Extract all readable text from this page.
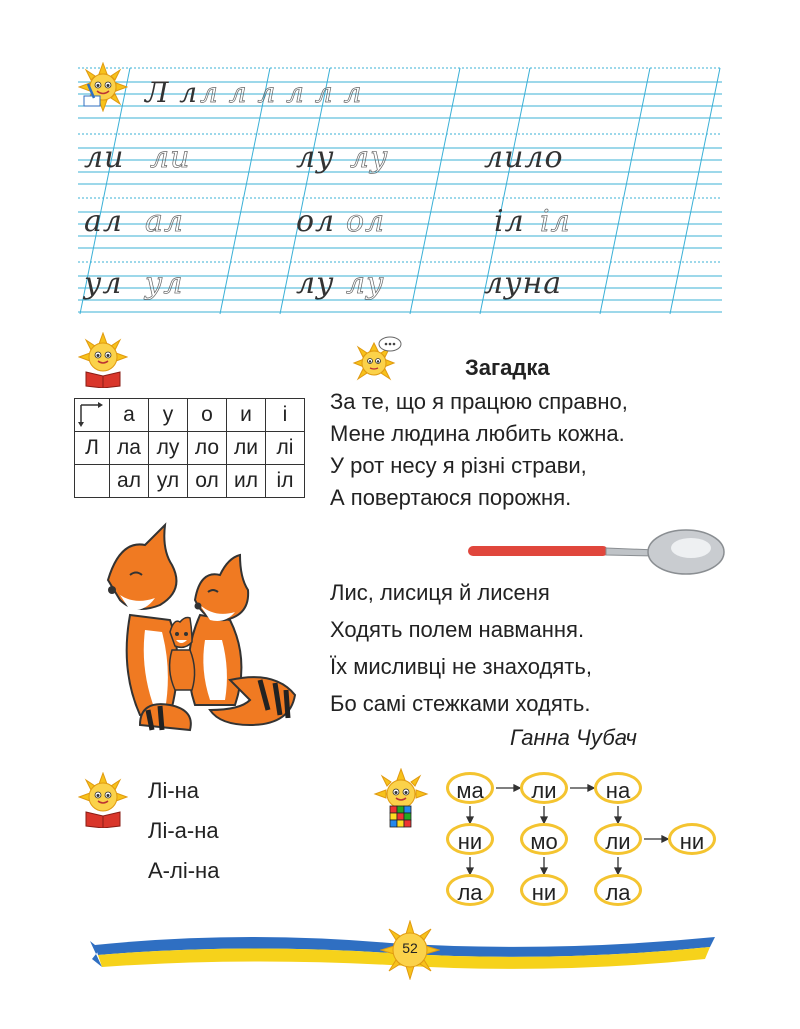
Л л л л л л л л
ли ли	лу лу	лило
ал ал	ол ол	іл іл
ул ул	лу лу	луна
	а	у	о	и	і
Л	ла	лу	ло	ли	лі
	ал	ул	ол	ил	іл
Загадка
За те, що я працюю справно,
Мене людина любить кожна.
У рот несу я різні страви,
А повертаюся порожня.
Лис, лисиця й лисеня
Ходять полем навмання.
Їх мисливці не знаходять,
Бо самі стежками ходять.
Ганна Чубач
Лі-на
Лі-а-на
А-лі-на
ма	ли	на
ни	мо	ли	ни
ла	ни	ла
52
